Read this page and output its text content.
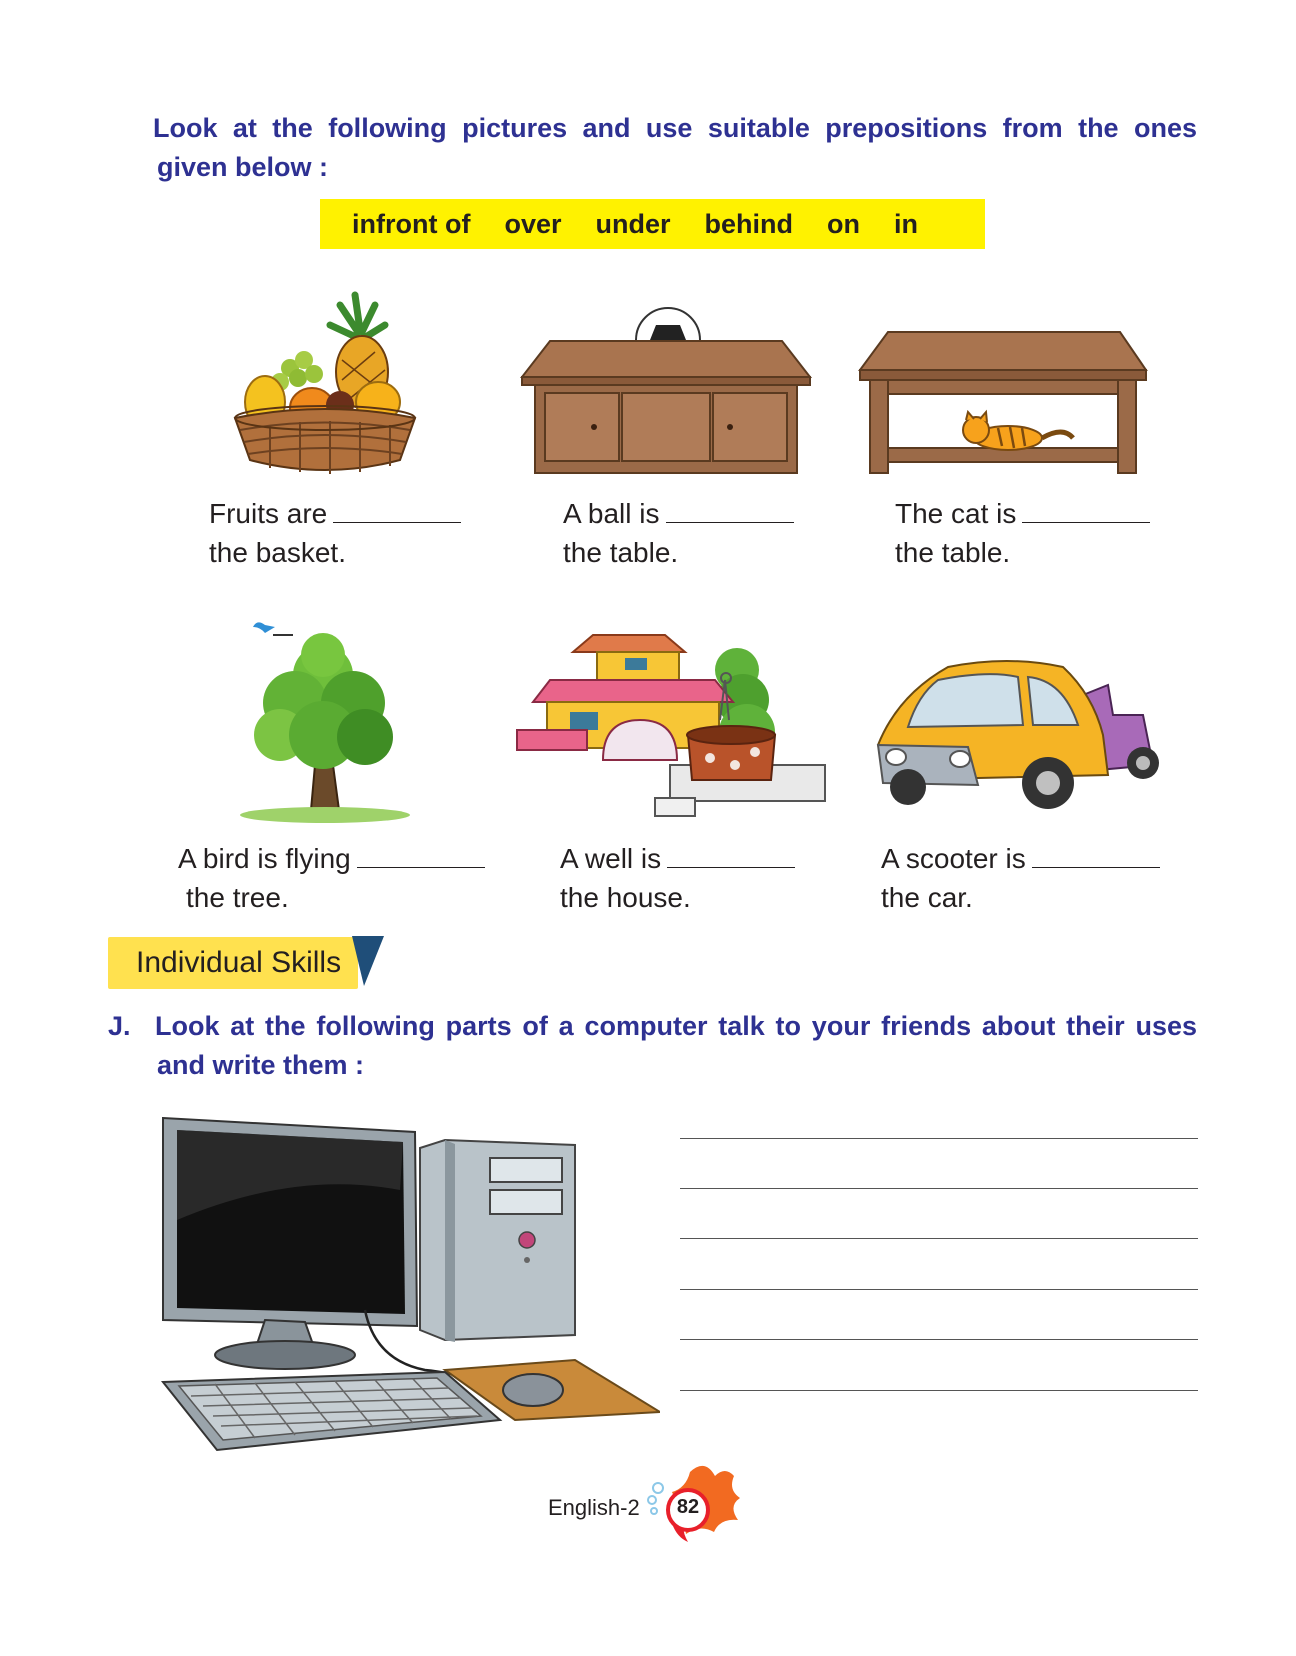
Look at the following pictures and use suitable prepositions from the ones
given below :
infront of over under behind on in
Fruits are
the basket.
A ball is
the table.
The cat is
the table.
A bird is flying
the tree.
A well is
the house.
A scooter is
the car.
Individual Skills
J. Look at the following parts of a computer talk to your friends about their uses
and write them :
English-2	82
